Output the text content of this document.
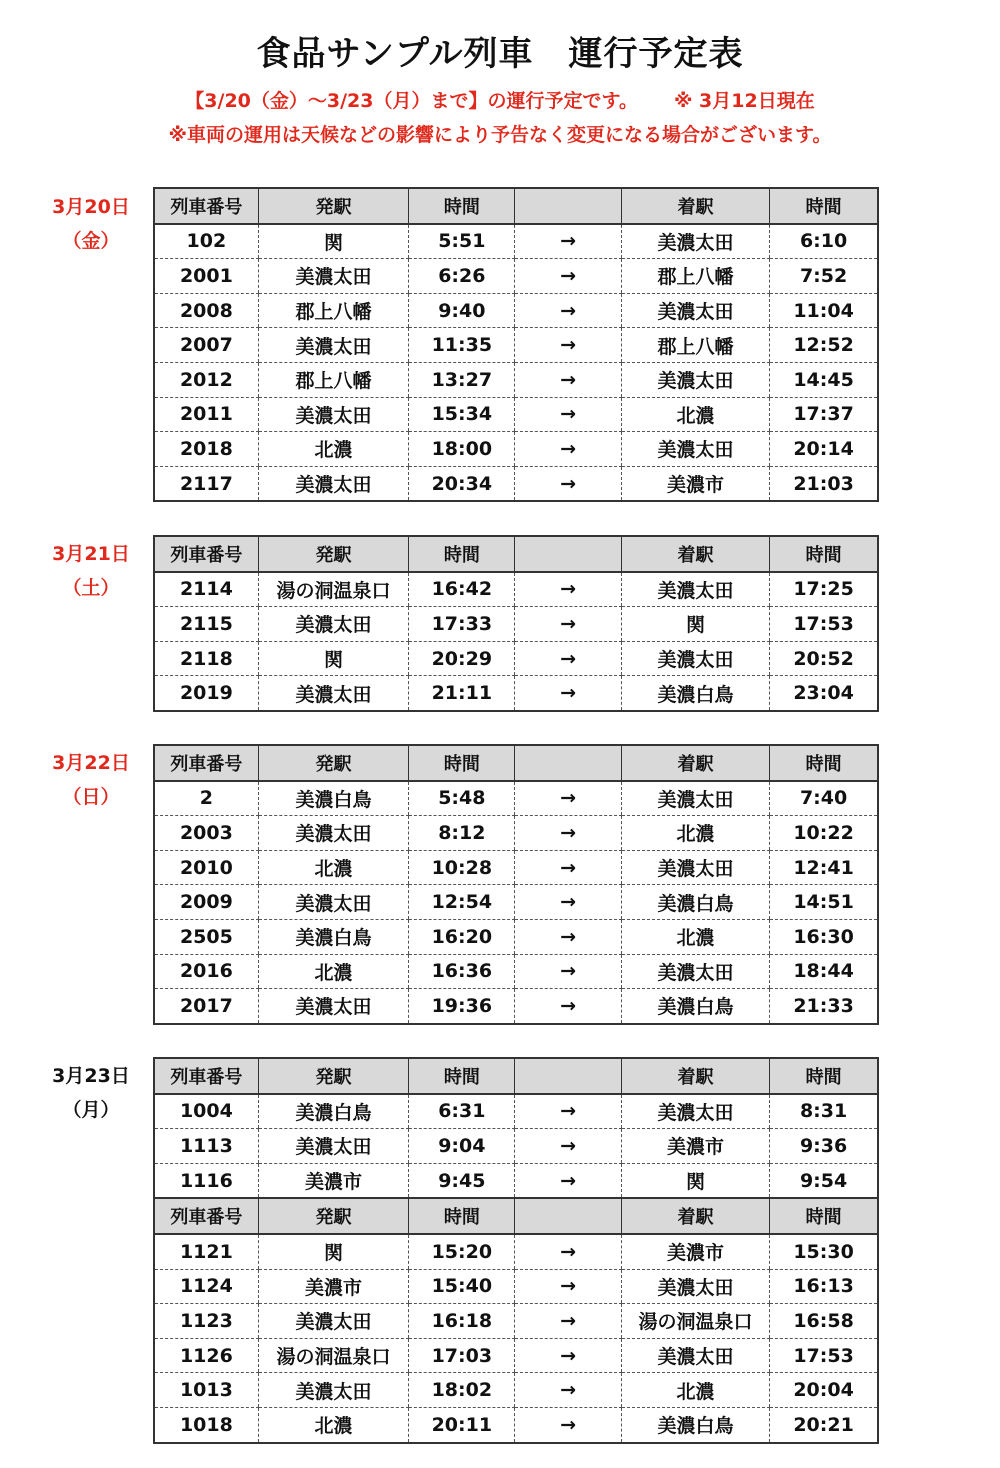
食品サンプル列車　運行予定表
【3/20（金）～3/23（月）まで】の運行予定です。 ※ 3月12日現在
※車両の運用は天候などの影響により予告なく変更になる場合がございます。
3月20日
（金）
列車番号	発駅	時間		着駅	時間
102	関	5:51	→	美濃太田	6:10
2001	美濃太田	6:26	→	郡上八幡	7:52
2008	郡上八幡	9:40	→	美濃太田	11:04
2007	美濃太田	11:35	→	郡上八幡	12:52
2012	郡上八幡	13:27	→	美濃太田	14:45
2011	美濃太田	15:34	→	北濃	17:37
2018	北濃	18:00	→	美濃太田	20:14
2117	美濃太田	20:34	→	美濃市	21:03
3月21日
（土）
列車番号	発駅	時間		着駅	時間
2114	湯の洞温泉口	16:42	→	美濃太田	17:25
2115	美濃太田	17:33	→	関	17:53
2118	関	20:29	→	美濃太田	20:52
2019	美濃太田	21:11	→	美濃白鳥	23:04
3月22日
（日）
列車番号	発駅	時間		着駅	時間
2	美濃白鳥	5:48	→	美濃太田	7:40
2003	美濃太田	8:12	→	北濃	10:22
2010	北濃	10:28	→	美濃太田	12:41
2009	美濃太田	12:54	→	美濃白鳥	14:51
2505	美濃白鳥	16:20	→	北濃	16:30
2016	北濃	16:36	→	美濃太田	18:44
2017	美濃太田	19:36	→	美濃白鳥	21:33
3月23日
（月）
列車番号	発駅	時間		着駅	時間
1004	美濃白鳥	6:31	→	美濃太田	8:31
1113	美濃太田	9:04	→	美濃市	9:36
1116	美濃市	9:45	→	関	9:54
列車番号	発駅	時間		着駅	時間
1121	関	15:20	→	美濃市	15:30
1124	美濃市	15:40	→	美濃太田	16:13
1123	美濃太田	16:18	→	湯の洞温泉口	16:58
1126	湯の洞温泉口	17:03	→	美濃太田	17:53
1013	美濃太田	18:02	→	北濃	20:04
1018	北濃	20:11	→	美濃白鳥	20:21
